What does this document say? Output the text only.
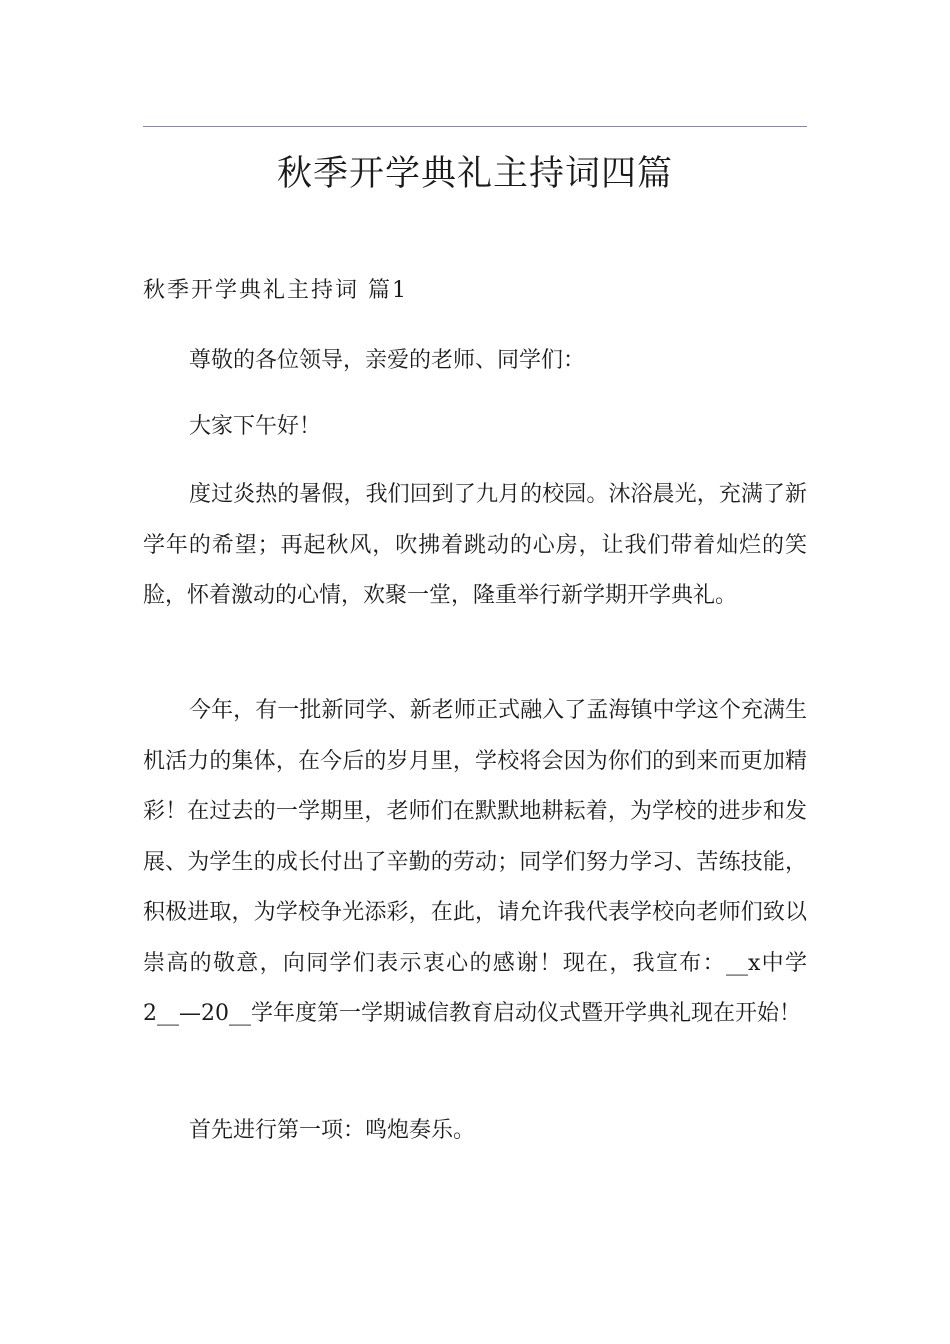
秋季开学典礼主持词四篇
秋季开学典礼主持词 篇1

尊敬的各位领导，亲爱的老师、同学们：

大家下午好！

度过炎热的暑假，我们回到了九月的校园。沐浴晨光，充满了新学年的希望；再起秋风，吹拂着跳动的心房，让我们带着灿烂的笑脸，怀着激动的心情，欢聚一堂，隆重举行新学期开学典礼。

今年，有一批新同学、新老师正式融入了孟海镇中学这个充满生机活力的集体，在今后的岁月里，学校将会因为你们的到来而更加精彩！在过去的一学期里，老师们在默默地耕耘着，为学校的进步和发展、为学生的成长付出了辛勤的劳动；同学们努力学习、苦练技能，积极进取，为学校争光添彩，在此，请允许我代表学校向老师们致以崇高的敬意，向同学们表示衷心的感谢！现在，我宣布：__x中学2__—20__学年度第一学期诚信教育启动仪式暨开学典礼现在开始！

首先进行第一项：鸣炮奏乐。
